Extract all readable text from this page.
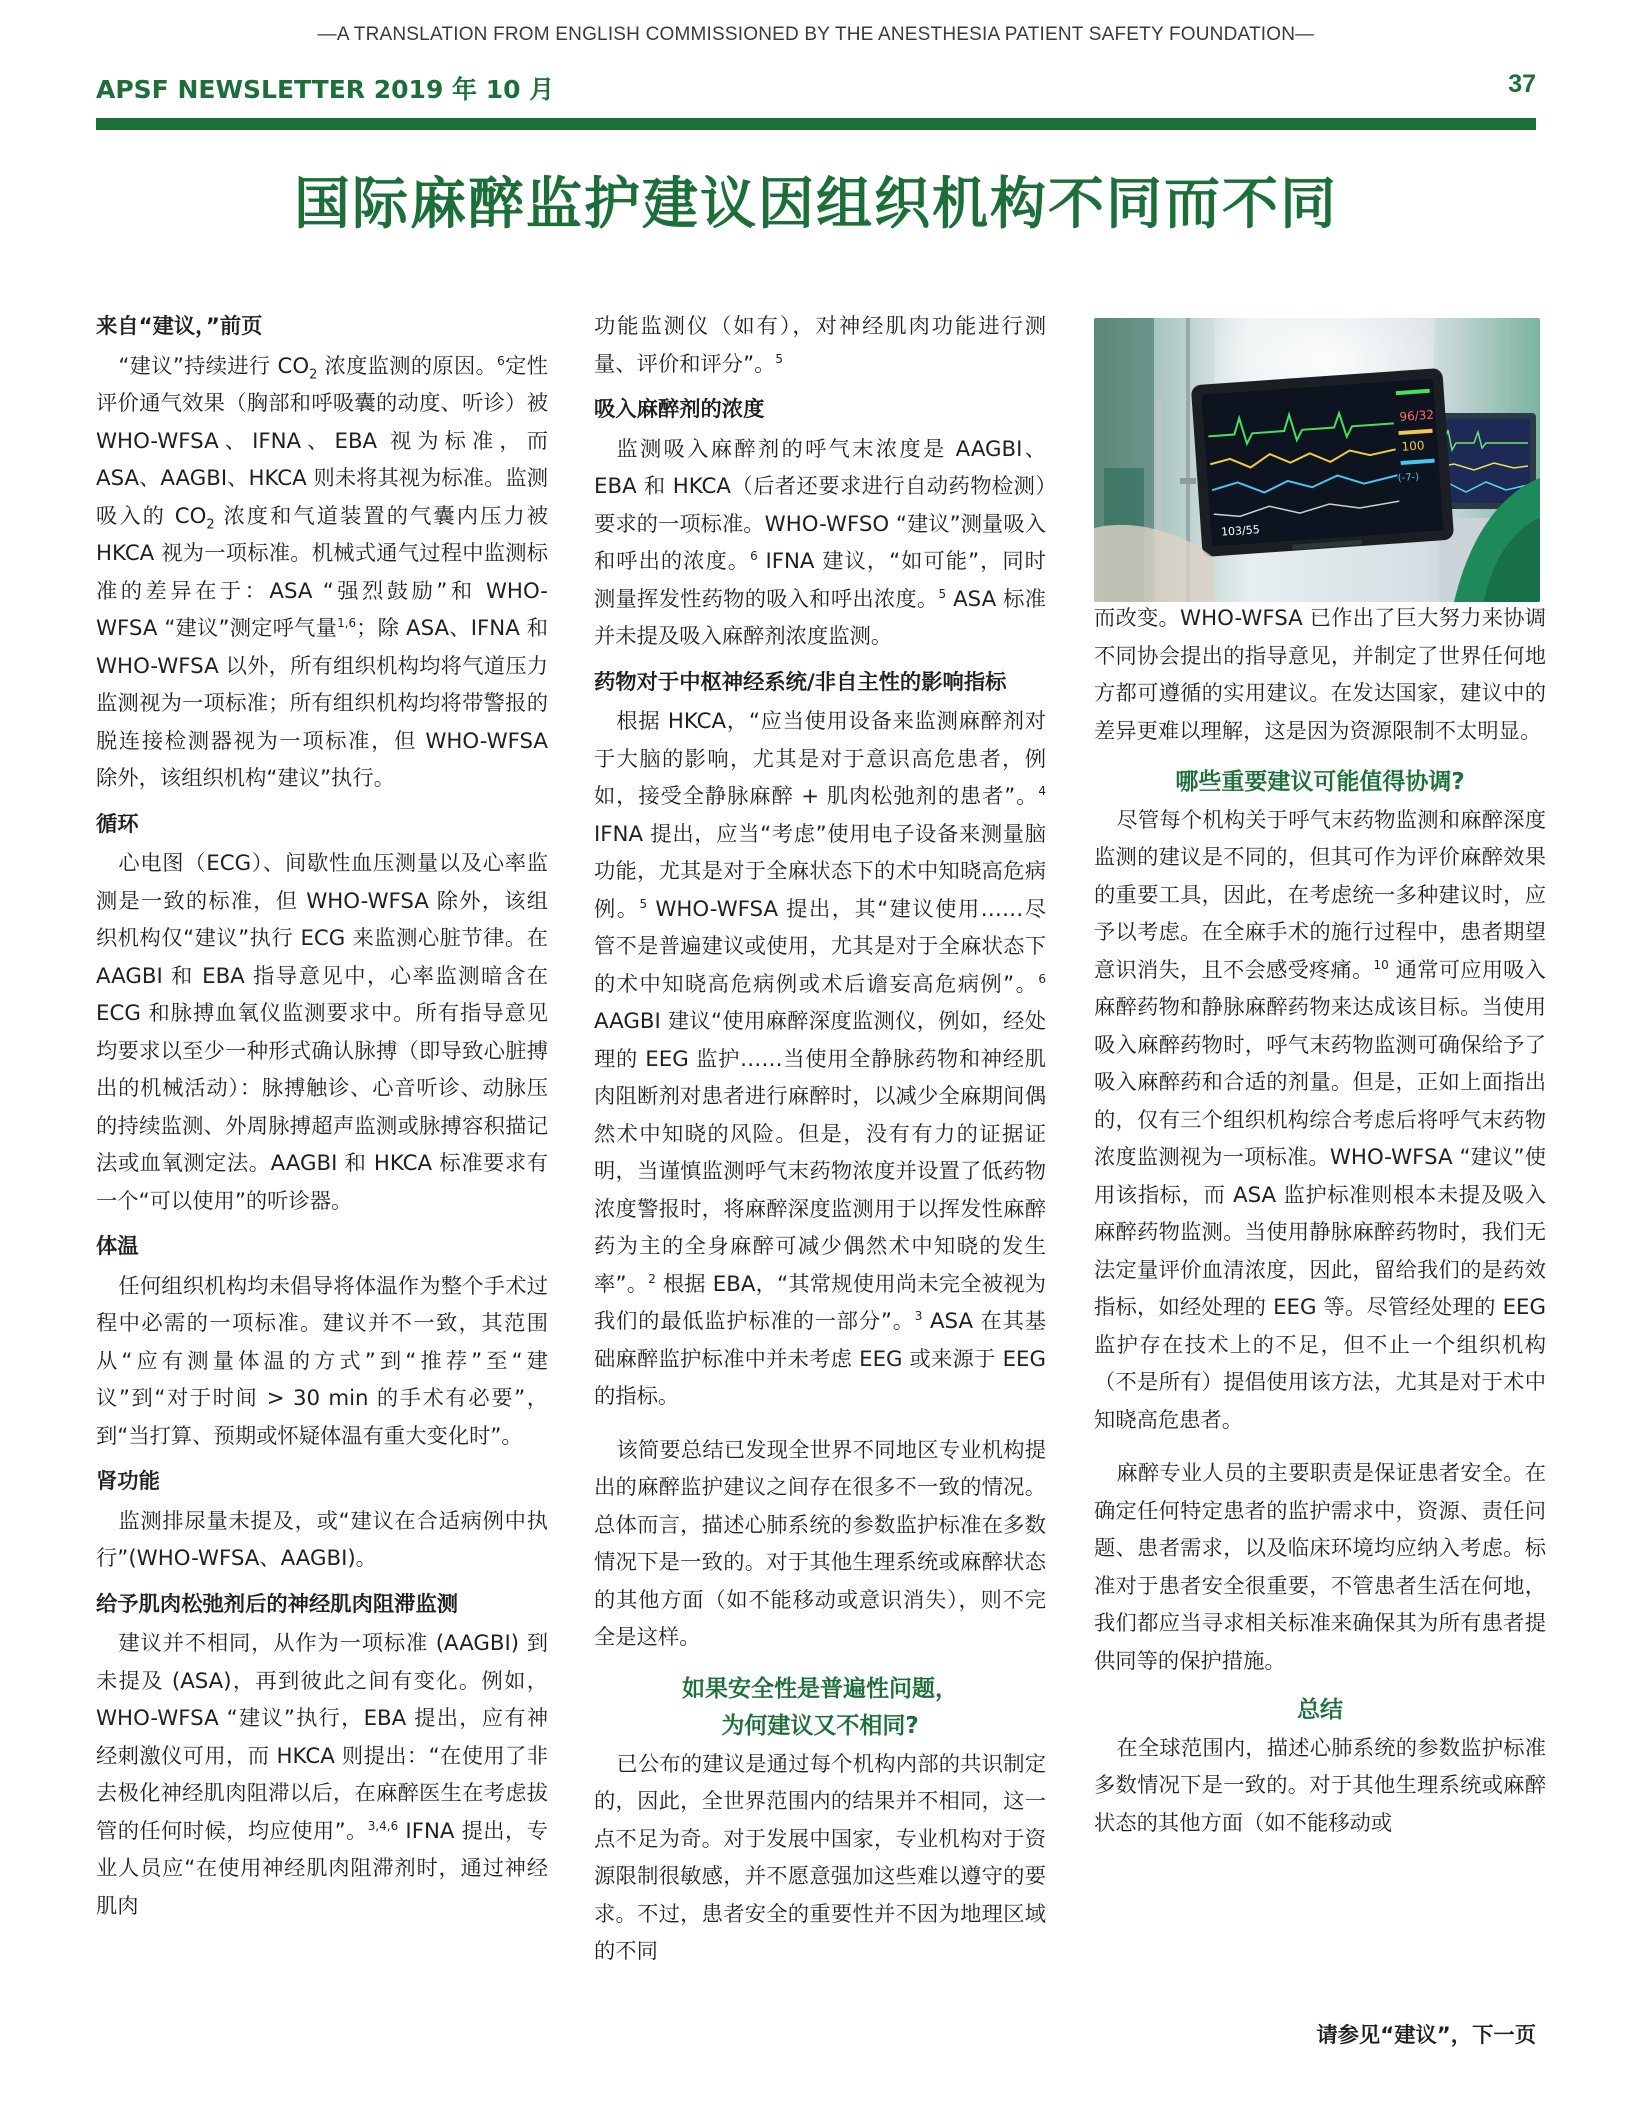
—A TRANSLATION FROM ENGLISH COMMISSIONED BY THE ANESTHESIA PATIENT SAFETY FOUNDATION—
APSF NEWSLETTER 2019 年 10 月	37
国际麻醉监护建议因组织机构不同而不同
来自“建议，”前页

“建议”持续进行 $CO_2$ 浓度监测的原因。$^6$定性评价通气效果（胸部和呼吸囊的动度、听诊）被 WHO-WFSA、IFNA、EBA 视为标准，而 ASA、AAGBI、HKCA 则未将其视为标准。监测吸入的 $CO_2$ 浓度和气道装置的气囊内压力被 HKCA 视为一项标准。机械式通气过程中监测标准的差异在于：ASA “强烈鼓励”和 WHO-WFSA “建议”测定呼气量$^{1,6}$；除 ASA、IFNA 和 WHO-WFSA 以外，所有组织机构均将气道压力监测视为一项标准；所有组织机构均将带警报的脱连接检测器视为一项标准，但 WHO-WFSA 除外，该组织机构“建议”执行。

循环

心电图（ECG）、间歇性血压测量以及心率监测是一致的标准，但 WHO-WFSA 除外，该组织机构仅“建议”执行 ECG 来监测心脏节律。在 AAGBI 和 EBA 指导意见中，心率监测暗含在 ECG 和脉搏血氧仪监测要求中。所有指导意见均要求以至少一种形式确认脉搏（即导致心脏搏出的机械活动）：脉搏触诊、心音听诊、动脉压的持续监测、外周脉搏超声监测或脉搏容积描记法或血氧测定法。AAGBI 和 HKCA 标准要求有一个“可以使用”的听诊器。

体温

任何组织机构均未倡导将体温作为整个手术过程中必需的一项标准。建议并不一致，其范围从“应有测量体温的方式”到“推荐”至“建议”到“对于时间 > 30 min 的手术有必要”，到“当打算、预期或怀疑体温有重大变化时”。

肾功能

监测排尿量未提及，或“建议在合适病例中执行”(WHO-WFSA、AAGBI)。

给予肌肉松弛剂后的神经肌肉阻滞监测

建议并不相同，从作为一项标准 (AAGBI) 到未提及 (ASA)，再到彼此之间有变化。例如，WHO-WFSA “建议”执行，EBA 提出，应有神经刺激仪可用，而 HKCA 则提出：“在使用了非去极化神经肌肉阻滞以后，在麻醉医生在考虑拔管的任何时候，均应使用”。$^{3,4,6}$ IFNA 提出，专业人员应“在使用神经肌肉阻滞剂时，通过神经肌肉

功能监测仪（如有），对神经肌肉功能进行测量、评价和评分”。$^5$

吸入麻醉剂的浓度

监测吸入麻醉剂的呼气末浓度是 AAGBI、EBA 和 HKCA（后者还要求进行自动药物检测）要求的一项标准。WHO-WFSO “建议”测量吸入和呼出的浓度。$^6$ IFNA 建议，“如可能”，同时测量挥发性药物的吸入和呼出浓度。$^5$ ASA 标准并未提及吸入麻醉剂浓度监测。

药物对于中枢神经系统/非自主性的影响指标

根据 HKCA，“应当使用设备来监测麻醉剂对于大脑的影响，尤其是对于意识高危患者，例如，接受全静脉麻醉 + 肌肉松弛剂的患者”。$^4$ IFNA 提出，应当“考虑”使用电子设备来测量脑功能，尤其是对于全麻状态下的术中知晓高危病例。$^5$ WHO-WFSA 提出，其“建议使用……尽管不是普遍建议或使用，尤其是对于全麻状态下的术中知晓高危病例或术后谵妄高危病例”。$^6$ AAGBI 建议“使用麻醉深度监测仪，例如，经处理的 EEG 监护……当使用全静脉药物和神经肌肉阻断剂对患者进行麻醉时，以减少全麻期间偶然术中知晓的风险。但是，没有有力的证据证明，当谨慎监测呼气末药物浓度并设置了低药物浓度警报时，将麻醉深度监测用于以挥发性麻醉药为主的全身麻醉可减少偶然术中知晓的发生率”。$^2$ 根据 EBA，“其常规使用尚未完全被视为我们的最低监护标准的一部分”。$^3$ ASA 在其基础麻醉监护标准中并未考虑 EEG 或来源于 EEG 的指标。

该简要总结已发现全世界不同地区专业机构提出的麻醉监护建议之间存在很多不一致的情况。总体而言，描述心肺系统的参数监护标准在多数情况下是一致的。对于其他生理系统或麻醉状态的其他方面（如不能移动或意识消失），则不完全是这样。

如果安全性是普遍性问题，
为何建议又不相同?

已公布的建议是通过每个机构内部的共识制定的，因此，全世界范围内的结果并不相同，这一点不足为奇。对于发展中国家，专业机构对于资源限制很敏感，并不愿意强加这些难以遵守的要求。不过，患者安全的重要性并不因为地理区域的不同

96/32
100
103/55
(-7-)

而改变。WHO-WFSA 已作出了巨大努力来协调不同协会提出的指导意见，并制定了世界任何地方都可遵循的实用建议。在发达国家，建议中的差异更难以理解，这是因为资源限制不太明显。

哪些重要建议可能值得协调?

尽管每个机构关于呼气末药物监测和麻醉深度监测的建议是不同的，但其可作为评价麻醉效果的重要工具，因此，在考虑统一多种建议时，应予以考虑。在全麻手术的施行过程中，患者期望意识消失，且不会感受疼痛。$^{10}$ 通常可应用吸入麻醉药物和静脉麻醉药物来达成该目标。当使用吸入麻醉药物时，呼气末药物监测可确保给予了吸入麻醉药和合适的剂量。但是，正如上面指出的，仅有三个组织机构综合考虑后将呼气末药物浓度监测视为一项标准。WHO-WFSA “建议”使用该指标，而 ASA 监护标准则根本未提及吸入麻醉药物监测。当使用静脉麻醉药物时，我们无法定量评价血清浓度，因此，留给我们的是药效指标，如经处理的 EEG 等。尽管经处理的 EEG 监护存在技术上的不足，但不止一个组织机构（不是所有）提倡使用该方法，尤其是对于术中知晓高危患者。

麻醉专业人员的主要职责是保证患者安全。在确定任何特定患者的监护需求中，资源、责任问题、患者需求，以及临床环境均应纳入考虑。标准对于患者安全很重要，不管患者生活在何地，我们都应当寻求相关标准来确保其为所有患者提供同等的保护措施。

总结

在全球范围内，描述心肺系统的参数监护标准多数情况下是一致的。对于其他生理系统或麻醉状态的其他方面（如不能移动或

请参见“建议”，下一页
